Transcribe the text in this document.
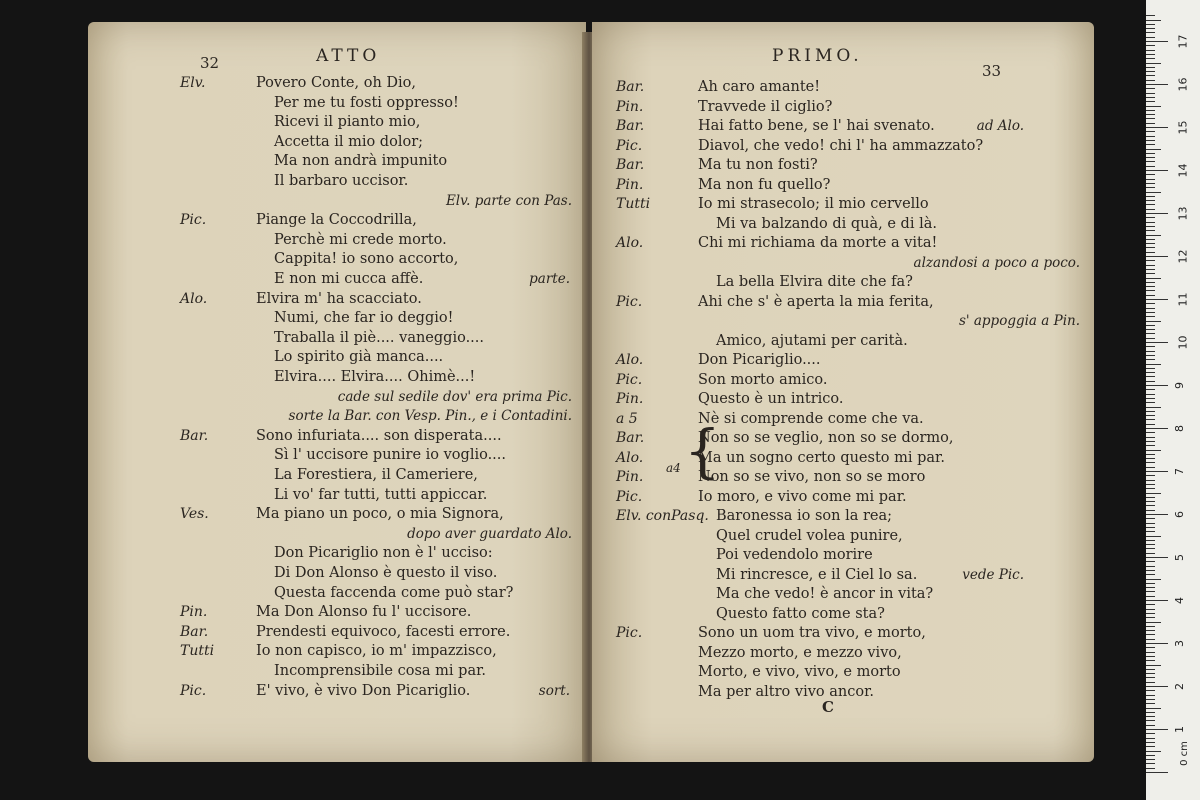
32	ATTO
Elv.	Povero Conte, oh Dio,
Per me tu fosti oppresso!
Ricevi il pianto mio,
Accetta il mio dolor;
Ma non andrà impunito
Il barbaro uccisor.
Elv. parte con Pas.
Pic.	Piange la Coccodrilla,
Perchè mi crede morto.
Cappita! io sono accorto,
E non mi cucca affè.	parte.
Alo.	Elvira m' ha scacciato.
Numi, che far io deggio!
Traballa il piè.... vaneggio....
Lo spirito già manca....
Elvira.... Elvira.... Ohimè...!
cade sul sedile dov' era prima Pic.
sorte la Bar. con Vesp. Pin., e i Contadini.
Bar.	Sono infuriata.... son disperata....
Sì l' uccisore punire io voglio....
La Forestiera, il Cameriere,
Li vo' far tutti, tutti appiccar.
Ves.	Ma piano un poco, o mia Signora,
dopo aver guardato Alo.
Don Picariglio non è l' ucciso:
Di Don Alonso è questo il viso.
Questa faccenda come può star?
Pin.	Ma Don Alonso fu l' uccisore.
Bar.	Prendesti equivoco, facesti errore.
Tutti	Io non capisco, io m' impazzisco,
Incomprensibile cosa mi par.
Pic.	E' vivo, è vivo Don Picariglio.	sort.
PRIMO.
33
Bar.	Ah caro amante!
Pin.	Travvede il ciglio?
Bar.	Hai fatto bene, se l' hai svenato.	ad Alo.
Pic.	Diavol, che vedo! chi l' ha ammazzato?
Bar.	Ma tu non fosti?
Pin.	Ma non fu quello?
Tutti	Io mi strasecolo; il mio cervello
Mi va balzando di quà, e di là.
Alo.	Chi mi richiama da morte a vita!
alzandosi a poco a poco.
La bella Elvira dite che fa?
Pic.	Ahi che s' è aperta la mia ferita,
s' appoggia a Pin.
Amico, ajutami per carità.
Alo.	Don Picariglio....
Pic.	Son morto amico.
Pin.	Questo è un intrico.
a 5	Nè si comprende come che va.
Bar.	Non so se veglio, non so se dormo,
Alo.	Ma un sogno certo questo mi par.
Pin.	Non so se vivo, non so se moro
Pic.	Io moro, e vivo come mi par.
Elv. conPasq. Baronessa io son la rea;
Quel crudel volea punire,
Poi vedendolo morire
Mi rincresce, e il Ciel lo sa.	vede Pic.
Ma che vedo! è ancor in vita?
Questo fatto come sta?
Pic.	Sono un uom tra vivo, e morto,
Mezzo morto, e mezzo vivo,
Morto, e vivo, vivo, e morto
Ma per altro vivo ancor.
{
a4
C
1
2
3
4
5
6
7
8
9
10
11
12
13
14
15
16
17
0 cm
